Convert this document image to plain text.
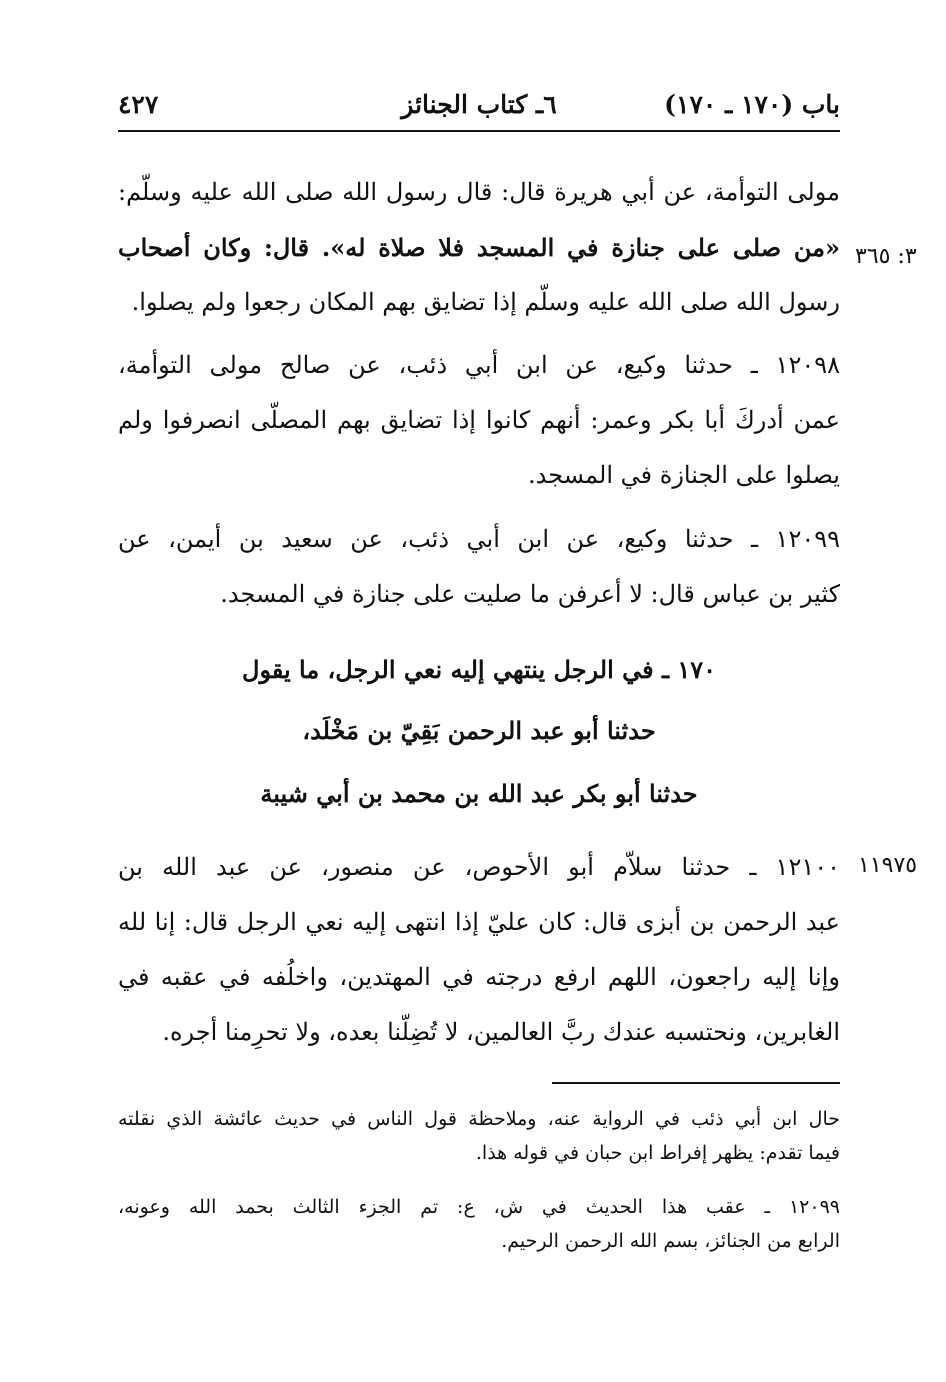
باب (١٧٠ ـ ١٧٠)
٦ـ كتاب الجنائز
٤٢٧
٣: ٣٦٥
مولى التوأمة، عن أبي هريرة قال: قال رسول الله صلى الله عليه وسلّم:
«من صلى على جنازة في المسجد فلا صلاة له». قال: وكان أصحاب
رسول الله صلى الله عليه وسلّم إذا تضايق بهم المكان رجعوا ولم يصلوا.
١٢٠٩٨ ـ حدثنا وكيع، عن ابن أبي ذئب، عن صالح مولى التوأمة،
عمن أدركَ أبا بكر وعمر: أنهم كانوا إذا تضايق بهم المصلّى انصرفوا ولم
يصلوا على الجنازة في المسجد.
١٢٠٩٩ ـ حدثنا وكيع، عن ابن أبي ذئب، عن سعيد بن أيمن، عن
كثير بن عباس قال: لا أعرفن ما صليت على جنازة في المسجد.
١٧٠ ـ في الرجل ينتهي إليه نعي الرجل، ما يقول
حدثنا أبو عبد الرحمن بَقِيّ بن مَخْلَد،
حدثنا أبو بكر عبد الله بن محمد بن أبي شيبة
١١٩٧٥
١٢١٠٠ ـ حدثنا سلاّم أبو الأحوص، عن منصور، عن عبد الله بن
عبد الرحمن بن أبزى قال: كان عليّ إذا انتهى إليه نعي الرجل قال: إنا لله
وإنا إليه راجعون، اللهم ارفع درجته في المهتدين، واخلُفه في عقبه في
الغابرين، ونحتسبه عندك ربَّ العالمين، لا تُضِلّنا بعده، ولا تحرِمنا أجره.
حال ابن أبي ذئب في الرواية عنه، وملاحظة قول الناس في حديث عائشة الذي نقلته
فيما تقدم: يظهر إفراط ابن حبان في قوله هذا.
١٢٠٩٩ ـ عقب هذا الحديث في ش، ع: تم الجزء الثالث بحمد الله وعونه،
الرابع من الجنائز، بسم الله الرحمن الرحيم.
